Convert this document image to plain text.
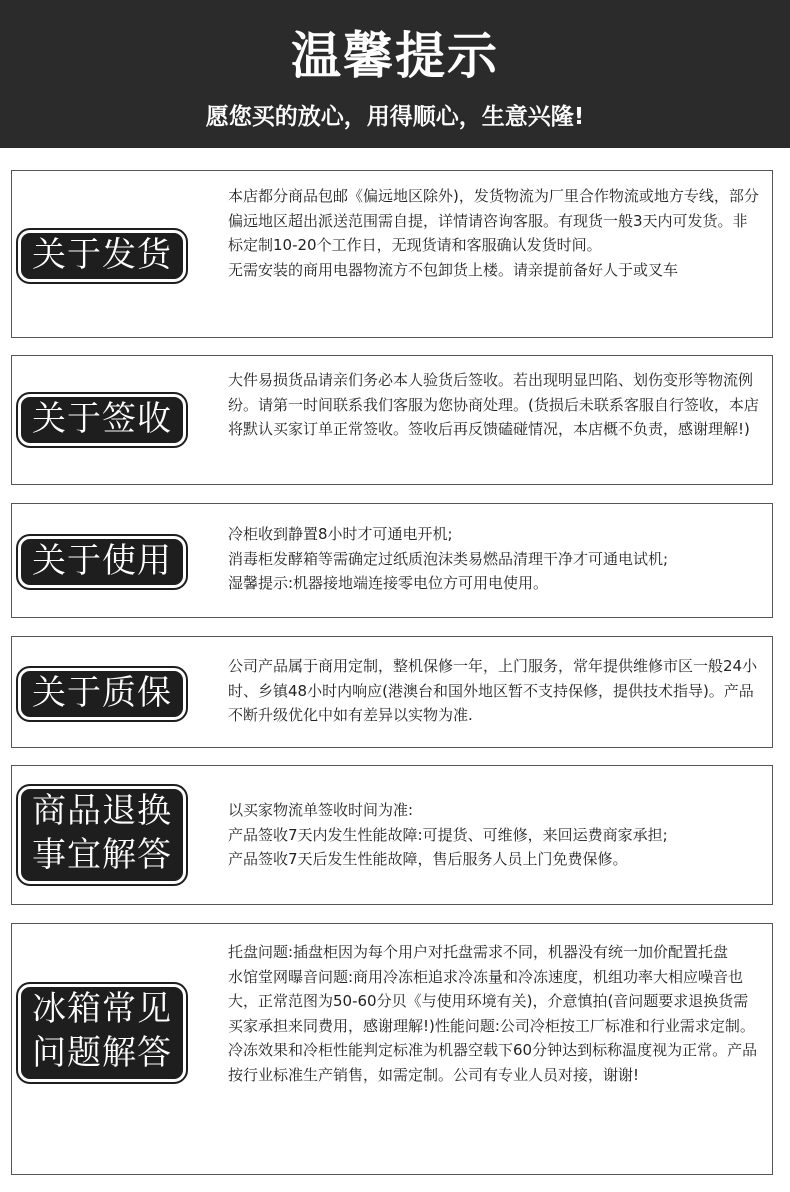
温馨提示
愿您买的放心，用得顺心，生意兴隆!
关于发货

本店都分商品包邮《偏远地区除外)，发货物流为厂里合作物流或地方专线，部分偏远地区超出派送范围需自提，详情请咨询客服。有现货一般3天内可发货。非标定制10-20个工作日，无现货请和客服确认发货时间。

无需安装的商用电器物流方不包卸货上楼。请亲提前备好人于或叉车

关于签收

大件易损货品请亲们务必本人验货后签收。若出现明显凹陷、划伤变形等物流例纷。请第一时间联系我们客服为您协商处理。(货损后未联系客服自行签收，本店将默认买家订单正常签收。签收后再反馈磕碰情况，本店概不负责，感谢理解!)

关于使用

冷柜收到静置8小时才可通电开机;

消毒柜发酵箱等需确定过纸质泡沫类易燃品清理干净才可通电试机;

湿馨提示:机器接地端连接零电位方可用电使用。

关于质保

公司产品属于商用定制，整机保修一年，上门服务，常年提供维修市区一般24小时、乡镇48小时内响应(港澳台和国外地区暂不支持保修，提供技术指导)。产品不断升级优化中如有差异以实物为准.

商品退换
事宜解答

以买家物流单签收时间为准:

产品签收7天内发生性能故障:可提货、可维修，来回运费商家承担;

产品签收7天后发生性能故障，售后服务人员上门免费保修。

冰箱常见
问题解答

托盘问题:插盘柜因为每个用户对托盘需求不同，机器没有统一加价配置托盘

水馆堂网曝音问题:商用冷冻柜追求冷冻量和冷冻速度，机组功率大相应噪音也大，正常范图为50-60分贝《与使用环境有关)，介意慎拍(音问题要求退换货需买家承担来同费用，感谢理解!)性能问题:公司冷柜按工厂标准和行业需求定制。冷冻效果和冷柜性能判定标准为机器空载下60分钟达到标称温度视为正常。产品按行业标准生产销售，如需定制。公司有专业人员对接，谢谢!
